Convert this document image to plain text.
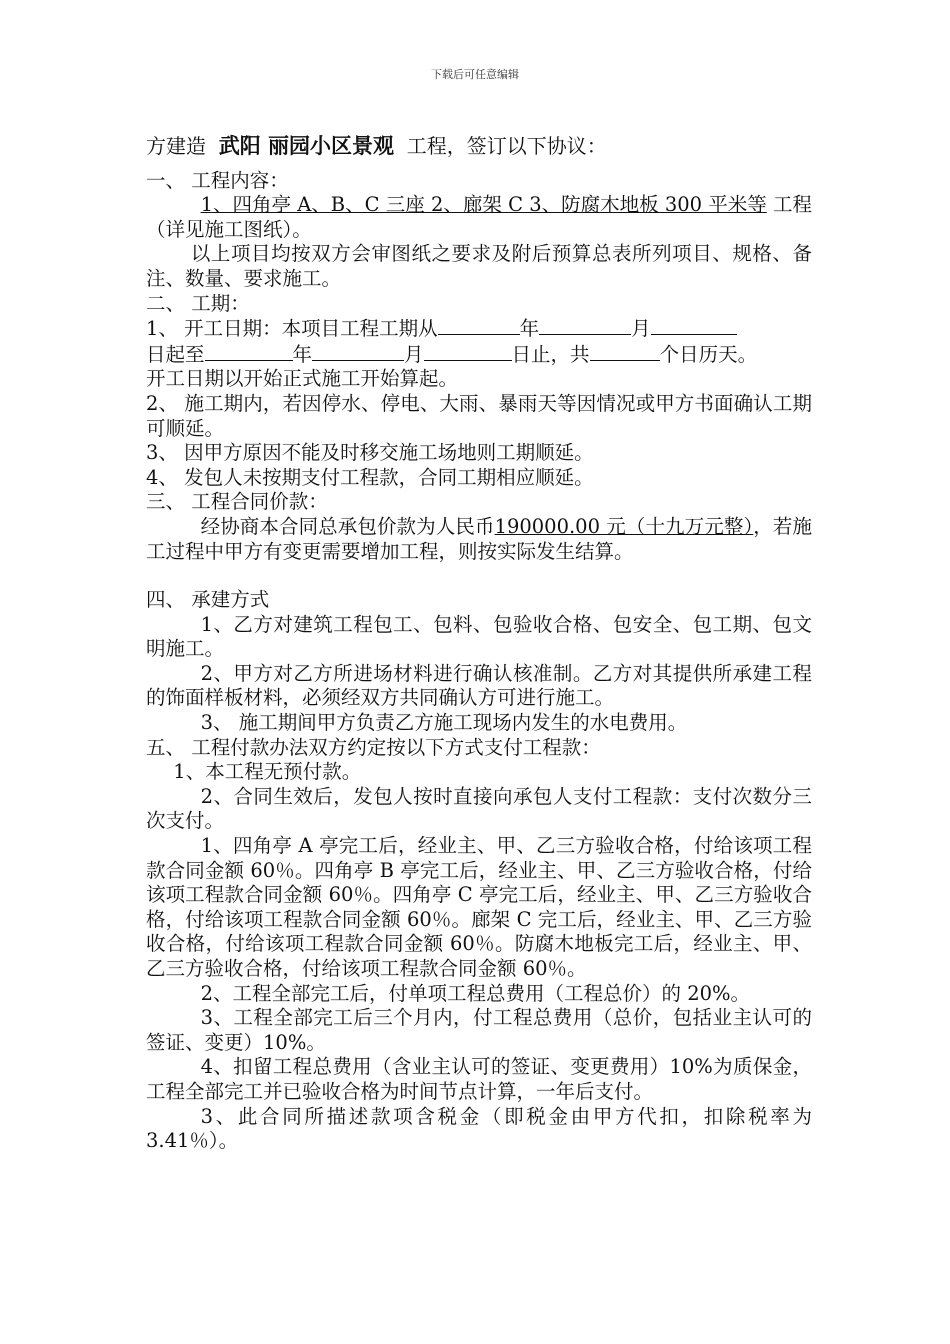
下载后可任意编辑

方建造 武阳 丽园小区景观 工程，签订以下协议：

一、 工程内容：

1、四角亭 A、B、C 三座 2、廊架 C 3、防腐木地板 300 平米等 工程（详见施工图纸）。

以上项目均按双方会审图纸之要求及附后预算总表所列项目、规格、备注、数量、要求施工。

二、 工期：

1、 开工日期：本项目工程工期从	年	月

日起至	年	月	日止，共	个日历天。

开工日期以开始正式施工开始算起。

2、 施工期内，若因停水、停电、大雨、暴雨天等因情况或甲方书面确认工期可顺延。

3、 因甲方原因不能及时移交施工场地则工期顺延。

4、 发包人未按期支付工程款，合同工期相应顺延。

三、 工程合同价款：

经协商本合同总承包价款为人民币190000.00 元（十九万元整），若施工过程中甲方有变更需要增加工程，则按实际发生结算。

四、 承建方式

1、乙方对建筑工程包工、包料、包验收合格、包安全、包工期、包文明施工。

2、甲方对乙方所进场材料进行确认核准制。乙方对其提供所承建工程的饰面样板材料，必须经双方共同确认方可进行施工。

3、 施工期间甲方负责乙方施工现场内发生的水电费用。

五、 工程付款办法双方约定按以下方式支付工程款：

1、本工程无预付款。

2、合同生效后，发包人按时直接向承包人支付工程款：支付次数分三次支付。

1、四角亭 A 亭完工后，经业主、甲、乙三方验收合格，付给该项工程款合同金额 60％。四角亭 B 亭完工后，经业主、甲、乙三方验收合格，付给该项工程款合同金额 60％。四角亭 C 亭完工后，经业主、甲、乙三方验收合格，付给该项工程款合同金额 60％。廊架 C 完工后，经业主、甲、乙三方验收合格，付给该项工程款合同金额 60％。防腐木地板完工后，经业主、甲、乙三方验收合格，付给该项工程款合同金额 60％。

2、工程全部完工后，付单项工程总费用（工程总价）的 20%。

3、工程全部完工后三个月内，付工程总费用（总价，包括业主认可的签证、变更）10%。

4、扣留工程总费用（含业主认可的签证、变更费用）10%为质保金，工程全部完工并已验收合格为时间节点计算，一年后支付。

3、此合同所描述款项含税金（即税金由甲方代扣，扣除税率为 3.41％）。
